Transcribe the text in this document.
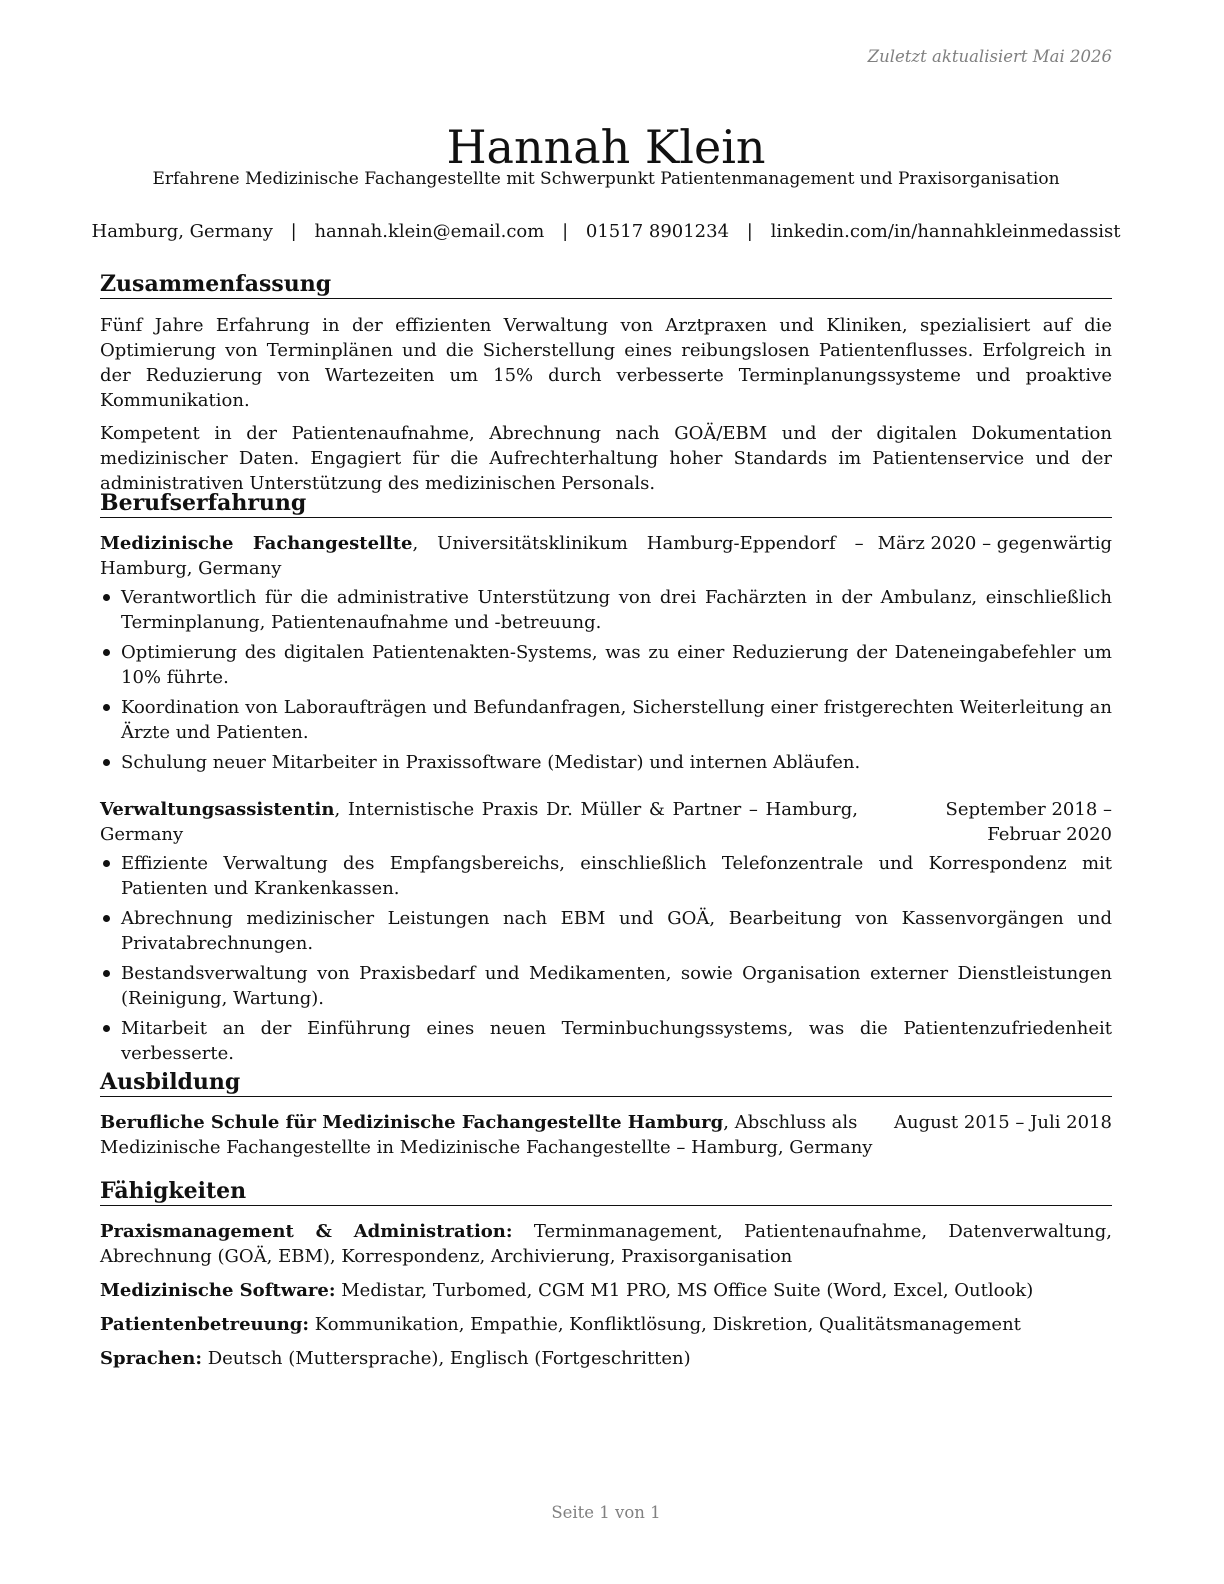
Zuletzt aktualisiert Mai 2026
Hannah Klein
Erfahrene Medizinische Fachangestellte mit Schwerpunkt Patientenmanagement und Praxisorganisation
Hamburg, Germany | hannah.klein@email.com | 01517 8901234 | linkedin.com/in/hannahkleinmedassist
Zusammenfassung

Fünf Jahre Erfahrung in der effizienten Verwaltung von Arztpraxen und Kliniken, spezialisiert auf die Optimierung von Terminplänen und die Sicherstellung eines reibungslosen Patientenflusses. Erfolgreich in der Reduzierung von Wartezeiten um 15% durch verbesserte Terminplanungssysteme und proaktive Kommunikation.

Kompetent in der Patientenaufnahme, Abrechnung nach GOÄ/EBM und der digitalen Dokumentation medizinischer Daten. Engagiert für die Aufrechterhaltung hoher Standards im Patientenservice und der administrativen Unterstützung des medizinischen Personals.

Berufserfahrung
Medizinische Fachangestellte, Universitätsklinikum Hamburg-Eppendorf – Hamburg, Germany
März 2020 – gegenwärtig
Verantwortlich für die administrative Unterstützung von drei Fachärzten in der Ambulanz, einschließlich Terminplanung, Patientenaufnahme und -betreuung.
Optimierung des digitalen Patientenakten-Systems, was zu einer Reduzierung der Dateneingabefehler um 10% führte.
Koordination von Laboraufträgen und Befundanfragen, Sicherstellung einer fristgerechten Weiterleitung an Ärzte und Patienten.
Schulung neuer Mitarbeiter in Praxissoftware (Medistar) und internen Abläufen.
Verwaltungsassistentin, Internistische Praxis Dr. Müller & Partner – Hamburg, Germany
September 2018 – Februar 2020
Effiziente Verwaltung des Empfangsbereichs, einschließlich Telefonzentrale und Korrespondenz mit Patienten und Krankenkassen.
Abrechnung medizinischer Leistungen nach EBM und GOÄ, Bearbeitung von Kassenvorgängen und Privatabrechnungen.
Bestandsverwaltung von Praxisbedarf und Medikamenten, sowie Organisation externer Dienstleistungen (Reinigung, Wartung).
Mitarbeit an der Einführung eines neuen Terminbuchungssystems, was die Patientenzufriedenheit verbesserte.
Ausbildung
Berufliche Schule für Medizinische Fachangestellte Hamburg, Abschluss als Medizinische Fachangestellte in Medizinische Fachangestellte – Hamburg, Germany
August 2015 – Juli 2018
Fähigkeiten
Praxismanagement & Administration: Terminmanagement, Patientenaufnahme, Datenverwaltung, Abrechnung (GOÄ, EBM), Korrespondenz, Archivierung, Praxisorganisation
Medizinische Software: Medistar, Turbomed, CGM M1 PRO, MS Office Suite (Word, Excel, Outlook)
Patientenbetreuung: Kommunikation, Empathie, Konfliktlösung, Diskretion, Qualitätsmanagement
Sprachen: Deutsch (Muttersprache), Englisch (Fortgeschritten)
Seite 1 von 1
